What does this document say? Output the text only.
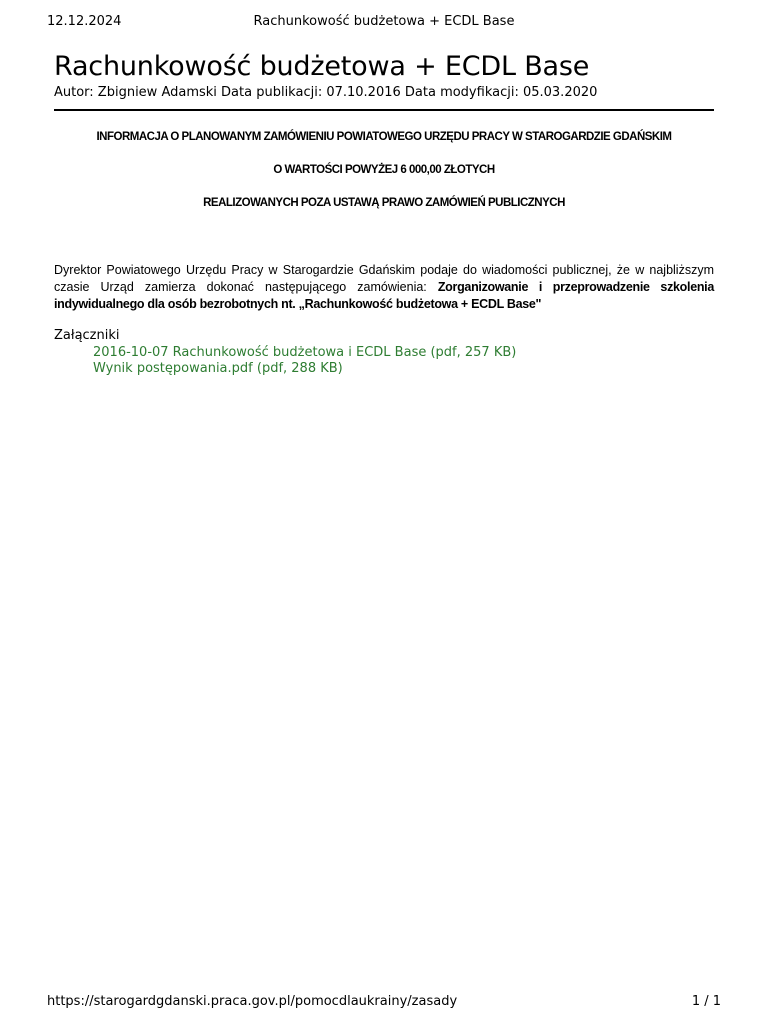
12.12.2024	Rachunkowość budżetowa + ECDL Base
Rachunkowość budżetowa + ECDL Base
Autor: Zbigniew Adamski Data publikacji: 07.10.2016 Data modyfikacji: 05.03.2020
INFORMACJA O PLANOWANYM ZAMÓWIENIU POWIATOWEGO URZĘDU PRACY W STAROGARDZIE GDAŃSKIM
O WARTOŚCI POWYŻEJ 6 000,00 ZŁOTYCH
REALIZOWANYCH POZA USTAWĄ PRAWO ZAMÓWIEŃ PUBLICZNYCH

Dyrektor Powiatowego Urzędu Pracy w Starogardzie Gdańskim podaje do wiadomości publicznej, że w najbliższym czasie Urząd zamierza dokonać następującego zamówienia: Zorganizowanie i przeprowadzenie szkolenia indywidualnego dla osób bezrobotnych nt. „Rachunkowość budżetowa + ECDL Base"

Załączniki
2016-10-07 Rachunkowość budżetowa i ECDL Base (pdf, 257 KB)
Wynik postępowania.pdf (pdf, 288 KB)
https://starogardgdanski.praca.gov.pl/pomocdlaukrainy/zasady	1 / 1
